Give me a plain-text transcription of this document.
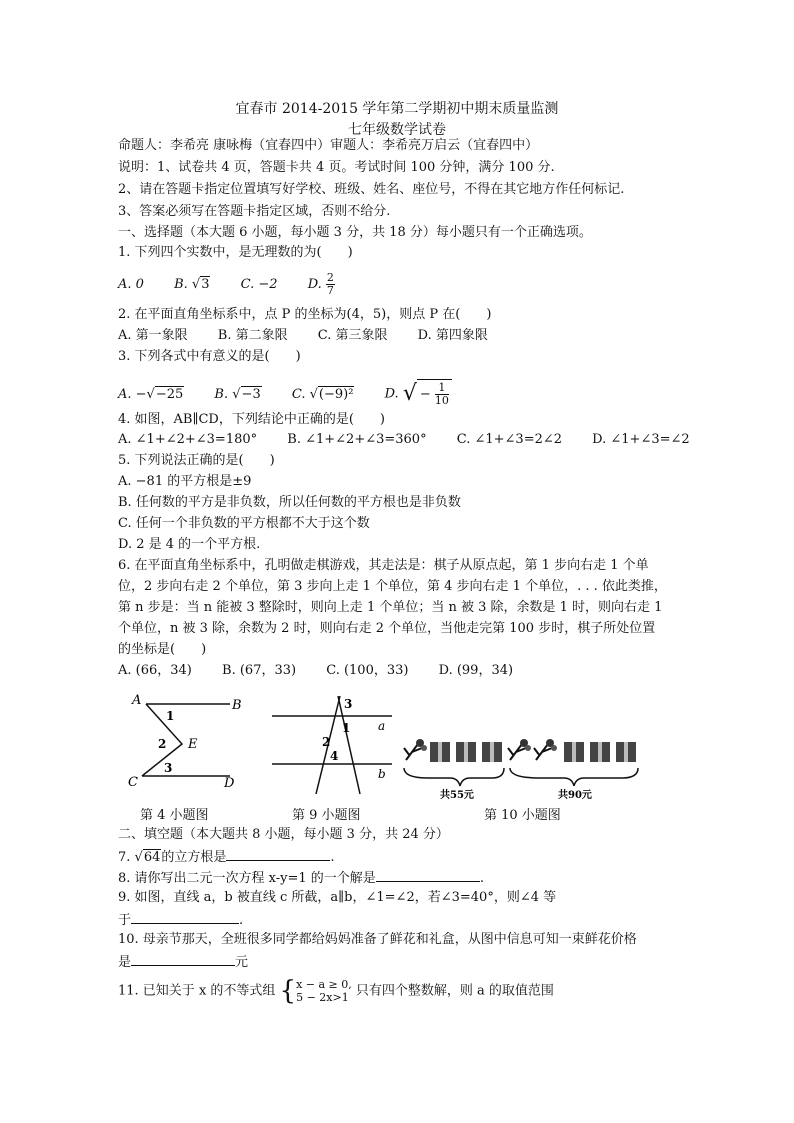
宜春市 2014-2015 学年第二学期初中期末质量监测
七年级数学试卷
命题人：李希亮 康咏梅（宜春四中）审题人：李希亮万启云（宜春四中）
说明：1、试卷共 4 页，答题卡共 4 页。考试时间 100 分钟，满分 100 分.
2、请在答题卡指定位置填写好学校、班级、姓名、座位号，不得在其它地方作任何标记.
3、答案必须写在答题卡指定区域，否则不给分.
一、选择题（本大题 6 小题，每小题 3 分，共 18 分）每小题只有一个正确选项。
1. 下列四个实数中，是无理数的为(　　)
A. 0 B. √3 C. −2 D. $\frac{2}{7}$
2. 在平面直角坐标系中，点 P 的坐标为(4，5)，则点 P 在(　　)
A. 第一象限 B. 第二象限 C. 第三象限 D. 第四象限
3. 下列各式中有意义的是(　　)
A. −√−25 B. √−3 C. √(−9)² D. √ − $\frac{1}{10}$
4. 如图，AB∥CD，下列结论中正确的是(　　)
A. ∠1+∠2+∠3=180° B. ∠1+∠2+∠3=360° C. ∠1+∠3=2∠2 D. ∠1+∠3=∠2
5. 下列说法正确的是(　　)
A. −81 的平方根是±9
B. 任何数的平方是非负数，所以任何数的平方根也是非负数
C. 任何一个非负数的平方根都不大于这个数
D. 2 是 4 的一个平方根.
6. 在平面直角坐标系中，孔明做走棋游戏，其走法是：棋子从原点起，第 1 步向右走 1 个单
位，2 步向右走 2 个单位，第 3 步向上走 1 个单位，第 4 步向右走 1 个单位，. . . 依此类推，
第 n 步是：当 n 能被 3 整除时，则向上走 1 个单位；当 n 被 3 除，余数是 1 时，则向右走 1
个单位，n 被 3 除，余数为 2 时，则向右走 2 个单位，当他走完第 100 步时，棋子所处位置
的坐标是(　　)
A. (66，34) B. (67，33) C. (100，33) D. (99，34)
A	B
C	D
E
1
2
3
第 4 小题图
a
b
3
1
2
4
第 9 小题图
共55元	共90元
第 10 小题图
二、填空题（本大题共 8 小题，每小题 3 分，共 24 分）
7. √64的立方根是	.
8. 请你写出二元一次方程 x-y=1 的一个解是	.
9. 如图，直线 a，b 被直线 c 所截，a∥b，∠1=∠2，若∠3=40°，则∠4 等
于	.
10. 母亲节那天，全班很多同学都给妈妈准备了鲜花和礼盒，从图中信息可知一束鲜花价格
是	元
11. 已知关于 x 的不等式组 { x − a ≥ 0,
5 − 2x>1 只有四个整数解，则 a 的取值范围
